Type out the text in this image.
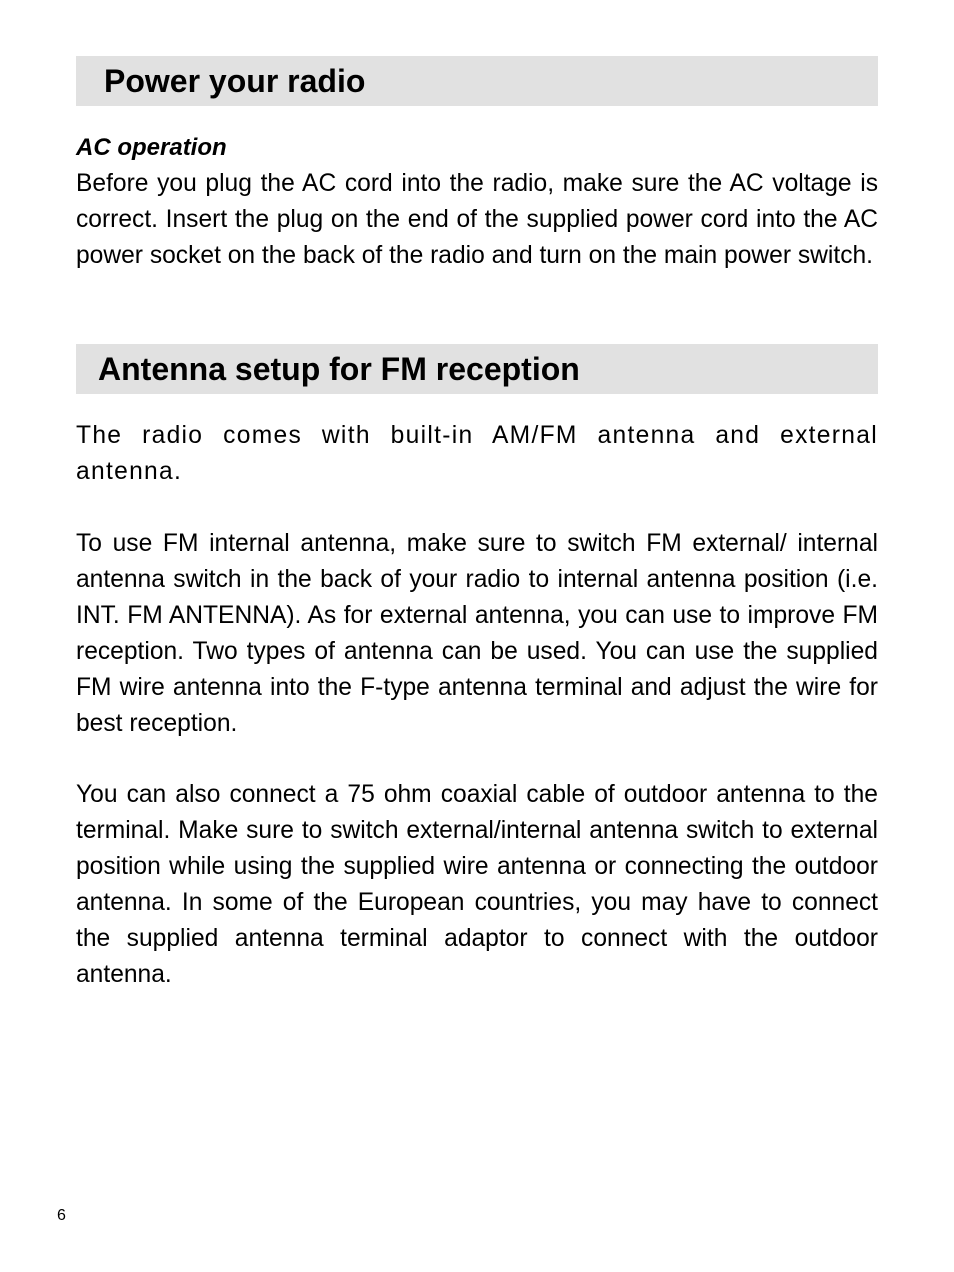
Power your radio

AC operation

Before you plug the AC cord into the radio, make sure the AC voltage is correct. Insert the plug on the end of the supplied power cord into the AC power socket on the back of the radio and turn on the main power switch.

Antenna setup for FM reception

The radio comes with built-in AM/FM antenna and external antenna.

To use FM internal antenna, make sure to switch FM external/ internal antenna switch in the back of your radio to internal antenna position (i.e. INT. FM ANTENNA). As for external antenna, you can use to improve FM reception. Two types of antenna can be used. You can use the supplied FM wire antenna into the F-type antenna terminal and adjust the wire for best reception.

You can also connect a 75 ohm coaxial cable of outdoor antenna to the terminal. Make sure to switch external/internal antenna switch to external position while using the supplied wire antenna or connecting the outdoor antenna. In some of the European countries, you may have to connect the supplied antenna terminal adaptor to connect with the outdoor antenna.

6
